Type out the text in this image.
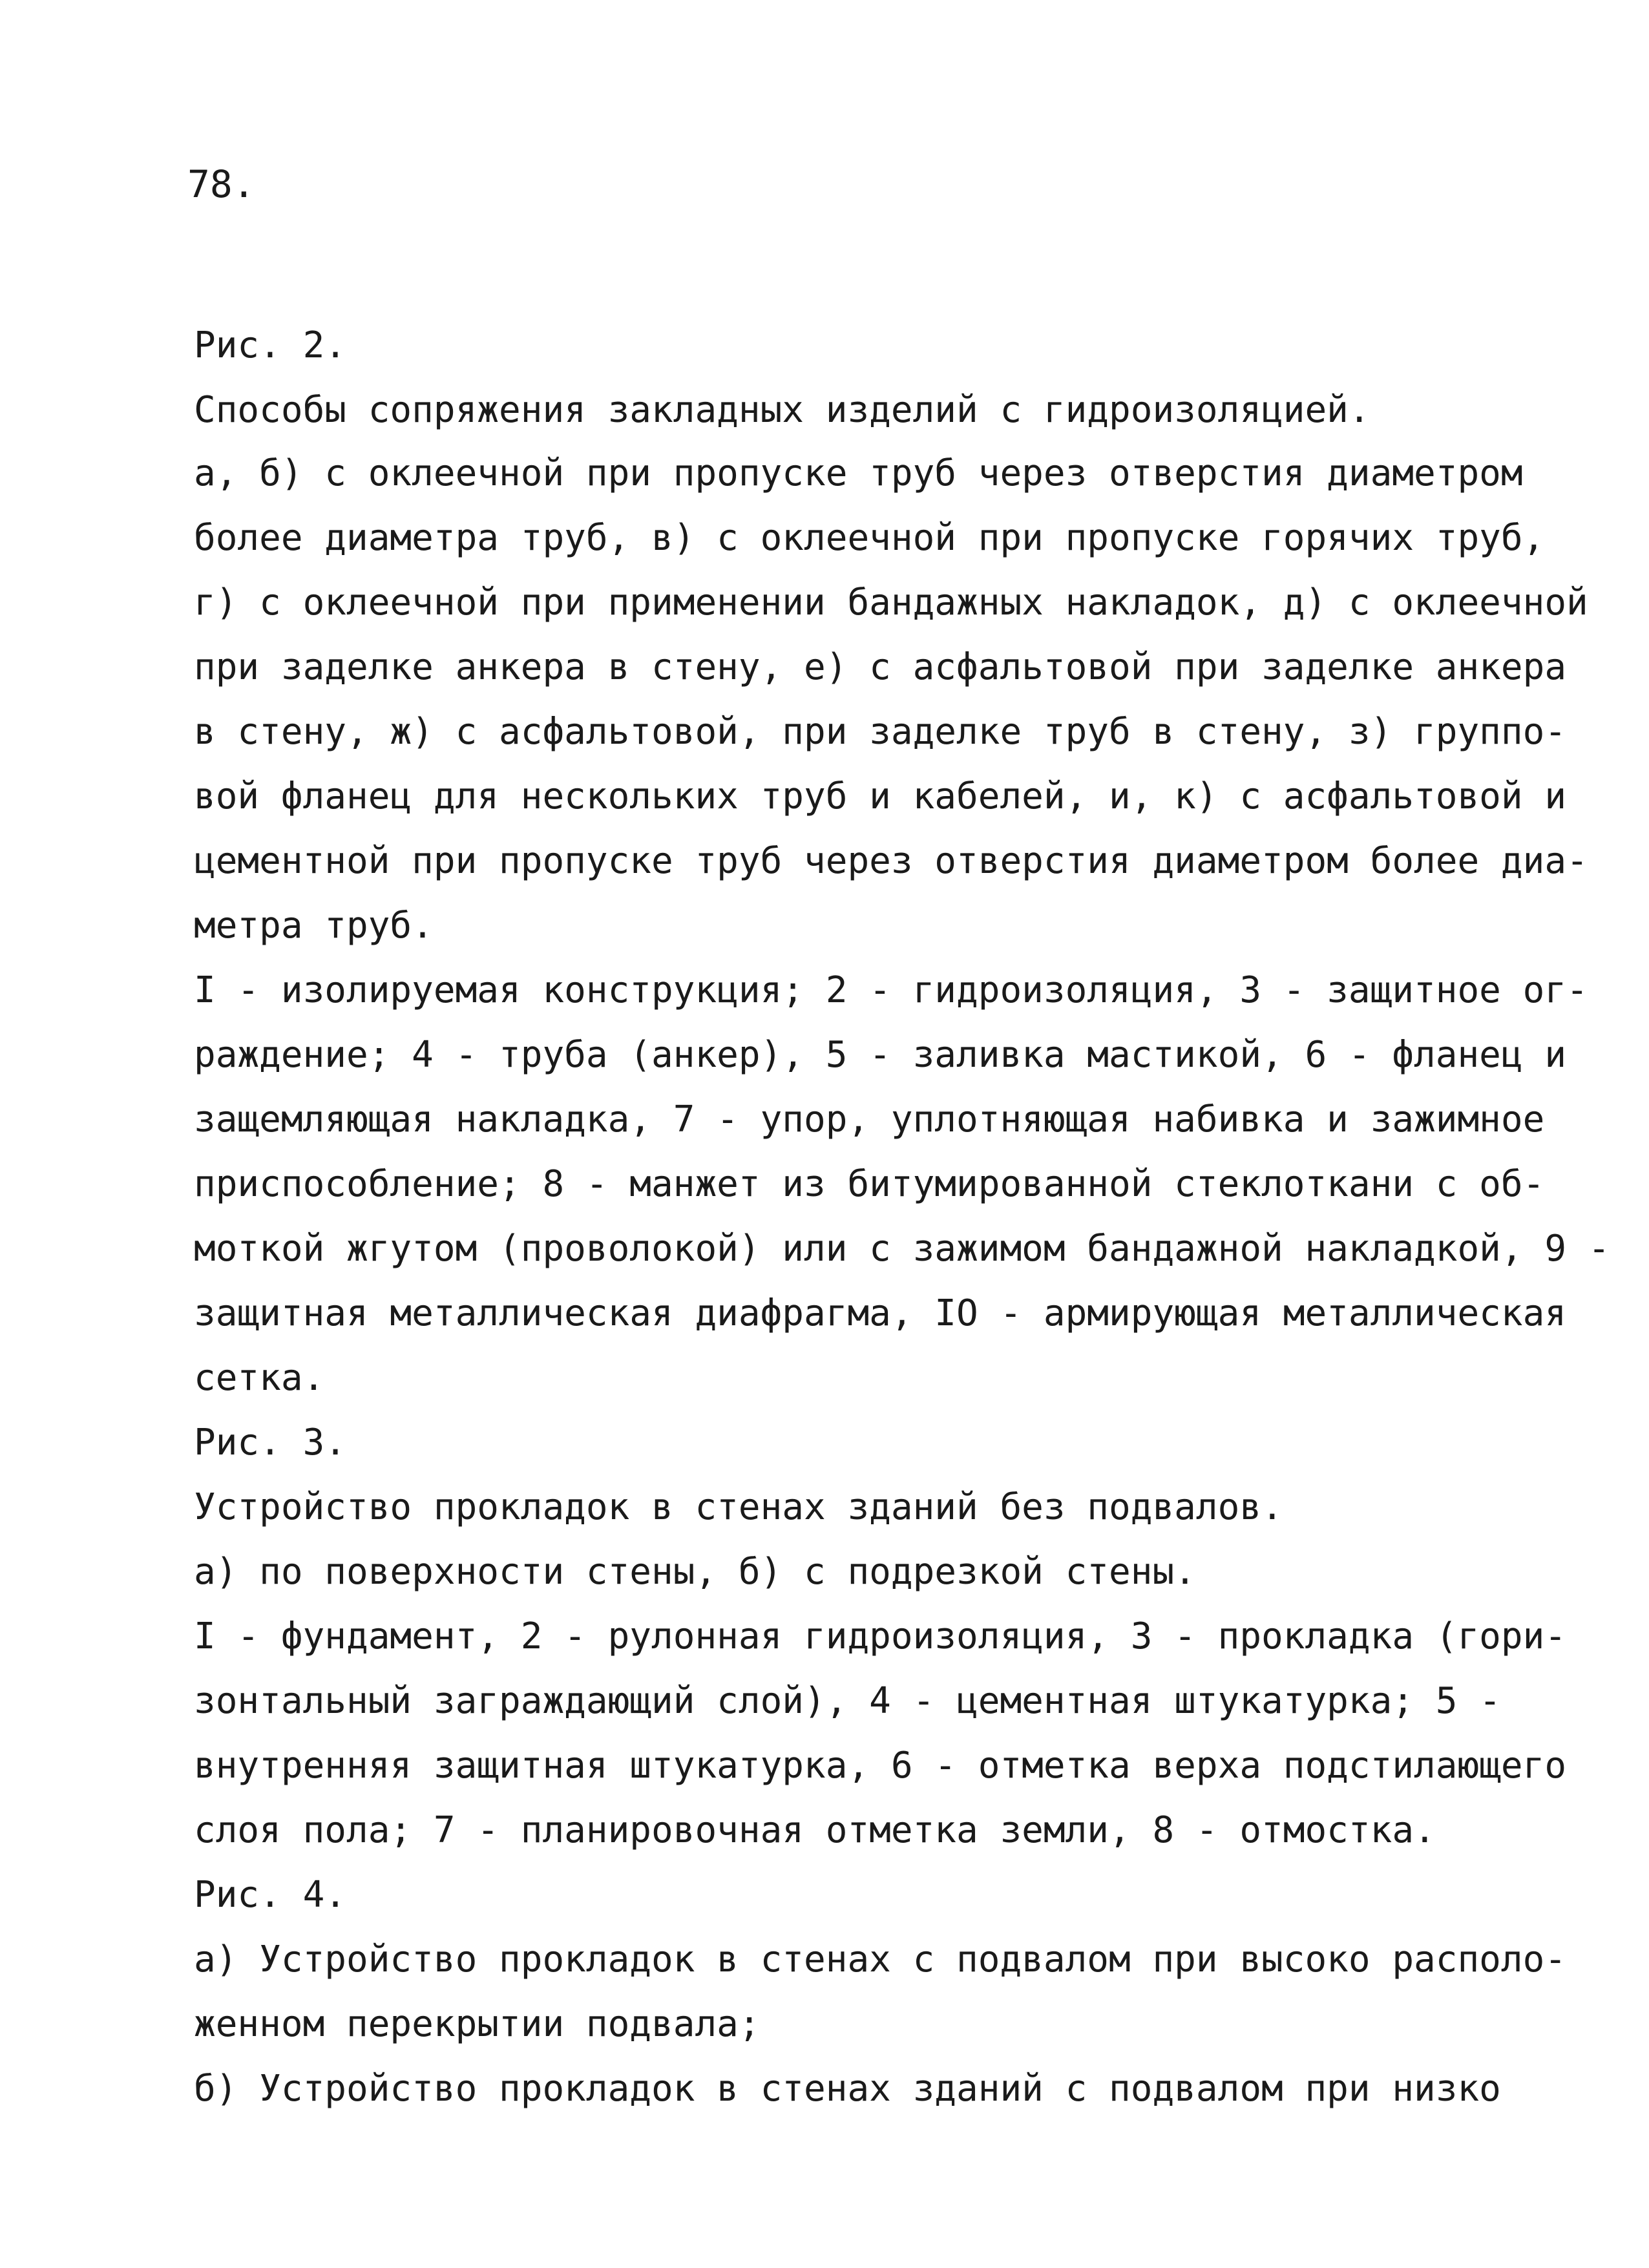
78.
Рис. 2.
Способы сопряжения закладных изделий с гидроизоляцией.
а, б) с оклеечной при пропуске труб через отверстия диаметром
более диаметра труб, в) с оклеечной при пропуске горячих труб,
г) с оклеечной при применении бандажных накладок, д) с оклеечной
при заделке анкера в стену, е) с асфальтовой при заделке анкера
в стену, ж) с асфальтовой, при заделке труб в стену, з) группо-
вой фланец для нескольких труб и кабелей, и, к) с асфальтовой и
цементной при пропуске труб через отверстия диаметром более диа-
метра труб.
I - изолируемая конструкция; 2 - гидроизоляция, 3 - защитное ог-
раждение; 4 - труба (анкер), 5 - заливка мастикой, 6 - фланец и
защемляющая накладка, 7 - упор, уплотняющая набивка и зажимное
приспособление; 8 - манжет из битумированной стеклоткани с об-
моткой жгутом (проволокой) или с зажимом бандажной накладкой, 9 -
защитная металлическая диафрагма, IO - армирующая металлическая
сетка.
Рис. 3.
Устройство прокладок в стенах зданий без подвалов.
а) по поверхности стены, б) с подрезкой стены.
I - фундамент, 2 - рулонная гидроизоляция, 3 - прокладка (гори-
зонтальный заграждающий слой), 4 - цементная штукатурка; 5 -
внутренняя защитная штукатурка, 6 - отметка верха подстилающего
слоя пола; 7 - планировочная отметка земли, 8 - отмостка.
Рис. 4.
а) Устройство прокладок в стенах с подвалом при высоко располо-
женном перекрытии подвала;
б) Устройство прокладок в стенах зданий с подвалом при низко
